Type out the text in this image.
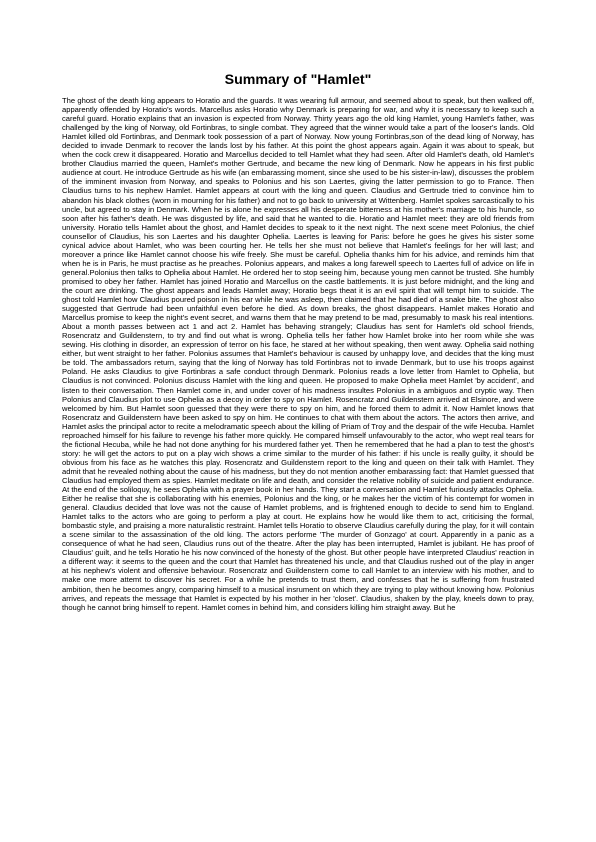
Summary of "Hamlet"

The ghost of the death king appears to Horatio and the guards. It was wearing full armour, and seemed about to speak, but then walked off, apparently offended by Horatio's words. Marcellus asks Horatio why Denmark is preparing for war, and why it is necessary to keep such a careful guard. Horatio explains that an invasion is expected from Norway. Thirty years ago the old king Hamlet, young Hamlet's father, was challenged by the king of Norway, old Fortinbras, to single combat. They agreed that the winner would take a part of the looser's lands. Old Hamlet killed old Fortinbras, and Denmark took possession of a part of Norway. Now young Fortinbras,son of the dead king of Norway, has decided to invade Denmark to recover the lands lost by his father. At this point the ghost appears again. Again it was about to speak, but when the cock crew it disappeared. Horatio and Marcellus decided to tell Hamlet what they had seen. After old Hamlet's death, old Hamlet's brother Claudius married the queen, Hamlet's mother Gertrude, and became the new king of Denmark. Now he appears in his first public audience at court. He introduce Gertrude as his wife (an embarassing moment, since she used to be his sister-in-law), discusses the problem of the imminent invasion from Norway, and speaks to Polonius and his son Laertes, giving the latter permission to go to France. Then Claudius turns to his nephew Hamlet. Hamlet appears at court with the king and queen. Claudius and Gertrude tried to convince him to abandon his black clothes (worn in mourning for his father) and not to go back to university at Wittenberg. Hamlet spokes sarcastically to his uncle, but agreed to stay in Denmark. When he is alone he expresses all his desperate bitterness at his mother's marriage to his huncle, so soon after his father's death. He was disgusted by life, and said that he wanted to die. Horatio and Hamlet meet: they are old friends from university. Horatio tells Hamlet about the ghost, and Hamlet decides to speak to it the next night. The next scene meet Polonius, the chief counsellor of Claudius, his son Laertes and his daughter Ophelia. Laertes is leaving for Paris: before he goes he gives his sister some cynical advice about Hamlet, who was been courting her. He tells her she must not believe that Hamlet's feelings for her will last; and moreover a prince like Hamlet cannot choose his wife freely. She must be careful. Ophelia thanks him for his advice, and reminds him that when he is in Paris, he must practise as he preaches. Polonius appears, and makes a long farewell speech to Laertes full of advice on life in general.Polonius then talks to Ophelia about Hamlet. He ordered her to stop seeing him, because young men cannot be trusted. She humbly promised to obey her father. Hamlet has joined Horatio and Marcellus on the castle battlements. It is just before midnight, and the king and the court are drinking. The ghost appears and leads Hamlet away; Horatio begs theat it is an evil spirit that will tempt him to suicide. The ghost told Hamlet how Claudius poured poison in his ear while he was asleep, then claimed that he had died of a snake bite. The ghost also suggested that Gertrude had been unfaithful even before he died. As down breaks, the ghost disappears. Hamlet makes Horatio and Marcellus promise to keep the night's event secret, and warns them that he may pretend to be mad, presumably to mask his real intentions. About a month passes between act 1 and act 2. Hamlet has behaving strangely; Claudius has sent for Hamlet's old school friends, Rosencratz and Guildenstern, to try and find out what is wrong. Ophelia tells her father how Hamlet broke into her room while she was sewing. His clothing in disorder, an expression of terror on his face, he stared at her without speaking, then went away. Ophelia said nothing either, but went straight to her father. Polonius assumes that Hamlet's behaviour is caused by unhappy love, and decides that the king must be told. The ambassadors return, saying that the king of Norway has told Fortinbras not to invade Denmark, but to use his troops against Poland. He asks Claudius to give Fortinbras a safe conduct through Denmark. Polonius reads a love letter from Hamlet to Ophelia, but Claudius is not convinced. Polonius discuss Hamlet with the king and queen. He proposed to make Ophelia meet Hamlet 'by accident', and listen to their conversation. Then Hamlet come in, and under cover of his madness insultes Polonius in a ambiguos and cryptic way. Then Polonius and Claudius plot to use Ophelia as a decoy in order to spy on Hamlet. Rosencratz and Guildenstern arrived at Elsinore, and were welcomed by him. But Hamlet soon guessed that they were there to spy on him, and he forced them to admit it. Now Hamlet knows that Rosencratz and Guildenstern have been asked to spy on him. He continues to chat with them about the actors. The actors then arrive, and Hamlet asks the principal actor to recite a melodramatic speech about the killing of Priam of Troy and the despair of the wife Hecuba. Hamlet reproached himself for his failure to revenge his father more quickly. He compared himself unfavourably to the actor, who wept real tears for the fictional Hecuba, while he had not done anything for his murdered father yet. Then he remembered that he had a plan to test the ghost's story: he will get the actors to put on a play wich shows a crime similar to the murder of his father: if his uncle is really guilty, it should be obvious from his face as he watches this play. Rosencratz and Guildenstern report to the king and queen on their talk with Hamlet. They admit that he revealed nothing about the cause of his madness, but they do not mention another embarassing fact: that Hamlet guessed that Claudius had employed them as spies. Hamlet meditate on life and death, and consider the relative nobility of suicide and patient endurance. At the end of the soliloquy, he sees Ophelia with a prayer book in her hands. They start a conversation and Hamlet furiously attacks Ophelia. Either he realise that she is collaborating with his enemies, Polonius and the king, or he makes her the victim of his contempt for women in general. Claudius decided that love was not the cause of Hamlet problems, and is frightened enough to decide to send him to England. Hamlet talks to the actors who are going to perform a play at court. He explains how he would like them to act, criticising the formal, bombastic style, and praising a more naturalistic restraint. Hamlet tells Horatio to observe Claudius carefully during the play, for it will contain a scene similar to the assassination of the old king. The actors performe 'The murder of Gonzago' at court. Apparently in a panic as a consequence of what he had seen, Claudius runs out of the theatre. After the play has been interrupted, Hamlet is jubilant. He has proof of Claudius' guilt, and he tells Horatio he his now convinced of the honesty of the ghost. But other people have interpreted Claudius' reaction in a different way: it seems to the queen and the court that Hamlet has threatened his uncle, and that Claudius rushed out of the play in anger at his nephew's violent and offensive behaviour. Rosencratz and Guildenstern come to call Hamlet to an interview with his mother, and to make one more attemt to discover his secret. For a while he pretends to trust them, and confesses that he is suffering from frustrated ambition, then he becomes angry, comparing himself to a musical insrument on which they are trying to play without knowing how. Polonius arrives, and repeats the message that Hamlet is expected by his mother in her 'closet'. Claudius, shaken by the play, kneels down to pray, though he cannot bring himself to repent. Hamlet comes in behind him, and considers killing him straight away. But he
